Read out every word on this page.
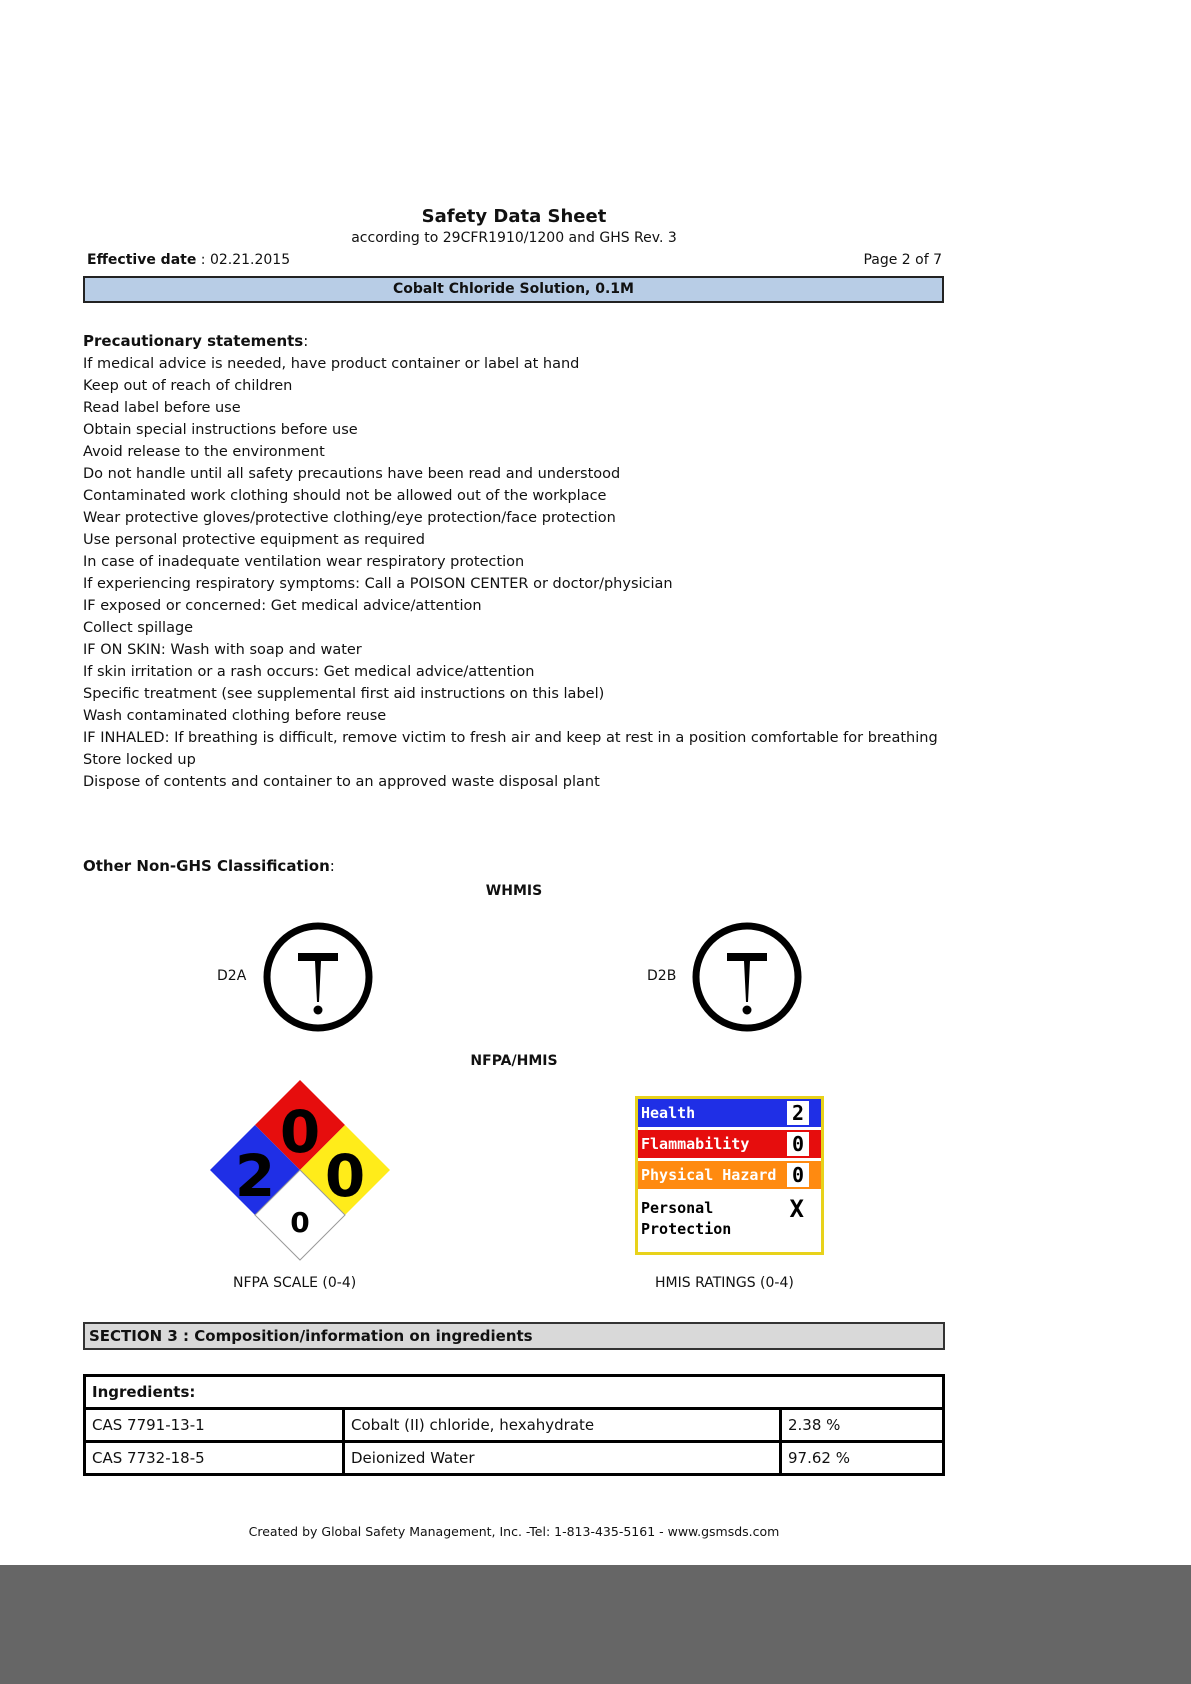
Safety Data Sheet
according to 29CFR1910/1200 and GHS Rev. 3
Effective date : 02.21.2015	Page 2 of 7
Cobalt Chloride Solution, 0.1M
Precautionary statements:
If medical advice is needed, have product container or label at hand
Keep out of reach of children
Read label before use
Obtain special instructions before use
Avoid release to the environment
Do not handle until all safety precautions have been read and understood
Contaminated work clothing should not be allowed out of the workplace
Wear protective gloves/protective clothing/eye protection/face protection
Use personal protective equipment as required
In case of inadequate ventilation wear respiratory protection
If experiencing respiratory symptoms: Call a POISON CENTER or doctor/physician
IF exposed or concerned: Get medical advice/attention
Collect spillage
IF ON SKIN: Wash with soap and water
If skin irritation or a rash occurs: Get medical advice/attention
Specific treatment (see supplemental first aid instructions on this label)
Wash contaminated clothing before reuse
IF INHALED: If breathing is difficult, remove victim to fresh air and keep at rest in a position comfortable for breathing
Store locked up
Dispose of contents and container to an approved waste disposal plant
Other Non-GHS Classification:
WHMIS
D2A	D2B
NFPA/HMIS
0
2 0
0
NFPA SCALE (0-4)
Health	2
Flammability 0
Physical Hazard 0
Personal
Protection
X
HMIS RATINGS (0-4)
SECTION 3 : Composition/information on ingredients
Ingredients:		
CAS 7791-13-1	Cobalt (II) chloride, hexahydrate	2.38 %
CAS 7732-18-5	Deionized Water	97.62 %
Created by Global Safety Management, Inc. -Tel: 1-813-435-5161 - www.gsmsds.com
